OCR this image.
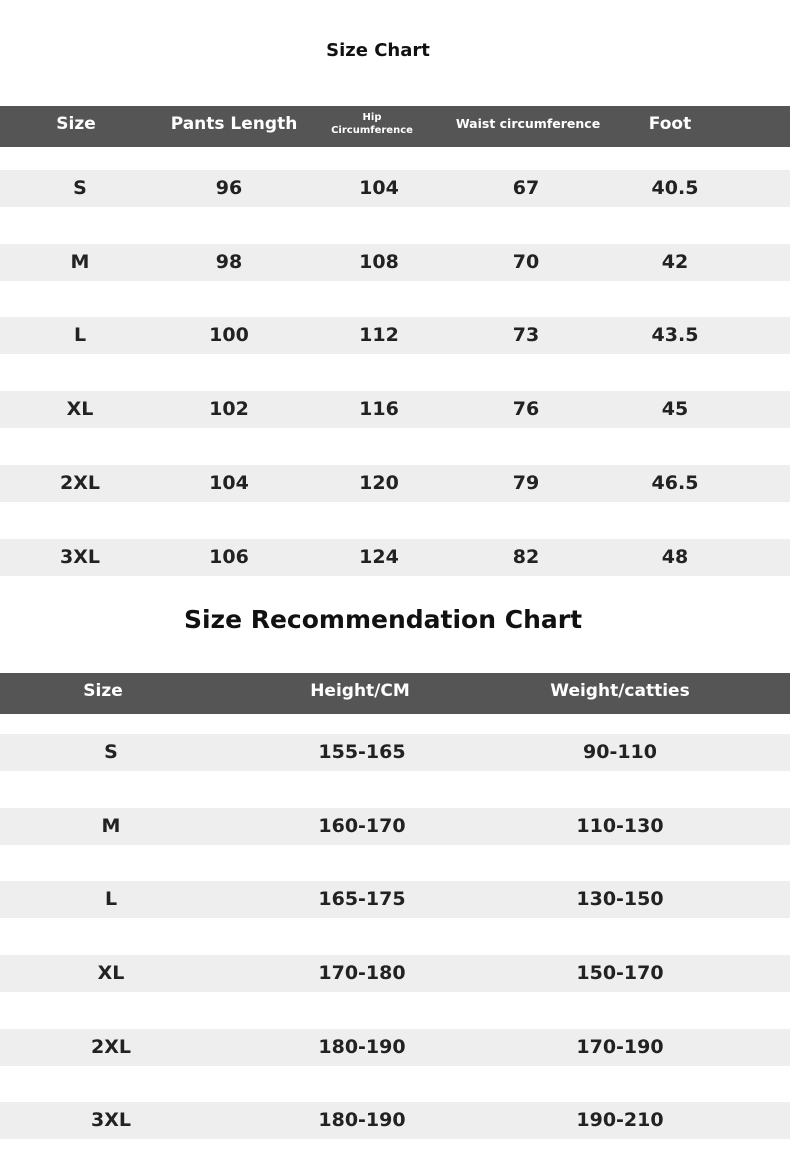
Size Chart
Size	Pants Length	Hip Circumference	Waist circumference	Foot
S	96	104	67	40.5
M	98	108	70	42
L	100	112	73	43.5
XL	102	116	76	45
2XL	104	120	79	46.5
3XL	106	124	82	48
Size Recommendation Chart
Size	Height/CM	Weight/catties
S	155-165	90-110
M	160-170	110-130
L	165-175	130-150
XL	170-180	150-170
2XL	180-190	170-190
3XL	180-190	190-210
